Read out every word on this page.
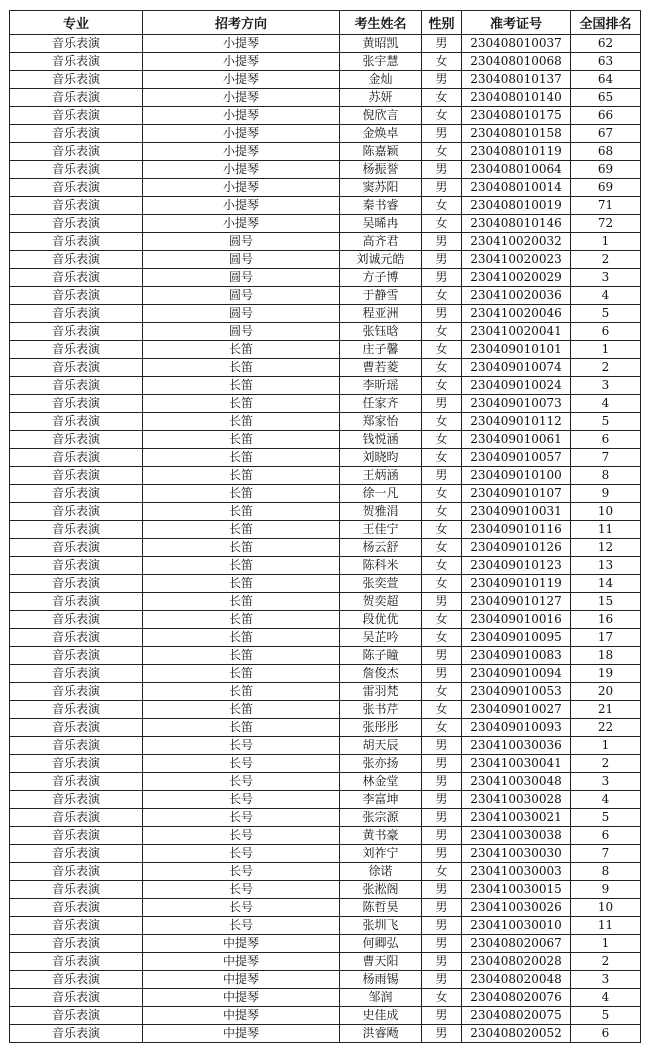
专业	招考方向	考生姓名	性别	准考证号	全国排名
音乐表演	小提琴	黄昭凯	男	230408010037	62
音乐表演	小提琴	张宇慧	女	230408010068	63
音乐表演	小提琴	金灿	男	230408010137	64
音乐表演	小提琴	苏妍	女	230408010140	65
音乐表演	小提琴	倪欣言	女	230408010175	66
音乐表演	小提琴	金焕卓	男	230408010158	67
音乐表演	小提琴	陈嘉颖	女	230408010119	68
音乐表演	小提琴	杨振誉	男	230408010064	69
音乐表演	小提琴	窦苏阳	男	230408010014	69
音乐表演	小提琴	秦书睿	女	230408010019	71
音乐表演	小提琴	吴晞冉	女	230408010146	72
音乐表演	圆号	高齐君	男	230410020032	1
音乐表演	圆号	刘诚元皓	男	230410020023	2
音乐表演	圆号	方子博	男	230410020029	3
音乐表演	圆号	于静雪	女	230410020036	4
音乐表演	圆号	程亚洲	男	230410020046	5
音乐表演	圆号	张钰晗	女	230410020041	6
音乐表演	长笛	庄子馨	女	230409010101	1
音乐表演	长笛	曹若菱	女	230409010074	2
音乐表演	长笛	李昕瑶	女	230409010024	3
音乐表演	长笛	任家齐	男	230409010073	4
音乐表演	长笛	郑家怡	女	230409010112	5
音乐表演	长笛	钱悦涵	女	230409010061	6
音乐表演	长笛	刘晓昀	女	230409010057	7
音乐表演	长笛	王炳涵	男	230409010100	8
音乐表演	长笛	徐一凡	女	230409010107	9
音乐表演	长笛	贺雅涓	女	230409010031	10
音乐表演	长笛	王佳宁	女	230409010116	11
音乐表演	长笛	杨云舒	女	230409010126	12
音乐表演	长笛	陈科米	女	230409010123	13
音乐表演	长笛	张奕萱	女	230409010119	14
音乐表演	长笛	贺奕超	男	230409010127	15
音乐表演	长笛	段优优	女	230409010016	16
音乐表演	长笛	吴芷吟	女	230409010095	17
音乐表演	长笛	陈子瞳	男	230409010083	18
音乐表演	长笛	詹俊杰	男	230409010094	19
音乐表演	长笛	雷羽梵	女	230409010053	20
音乐表演	长笛	张书芹	女	230409010027	21
音乐表演	长笛	张彤彤	女	230409010093	22
音乐表演	长号	胡天辰	男	230410030036	1
音乐表演	长号	张亦扬	男	230410030041	2
音乐表演	长号	林金堂	男	230410030048	3
音乐表演	长号	李富坤	男	230410030028	4
音乐表演	长号	张宗源	男	230410030021	5
音乐表演	长号	黄书豪	男	230410030038	6
音乐表演	长号	刘祚宁	男	230410030030	7
音乐表演	长号	徐诺	女	230410030003	8
音乐表演	长号	张淞阁	男	230410030015	9
音乐表演	长号	陈哲昊	男	230410030026	10
音乐表演	长号	张圳飞	男	230410030010	11
音乐表演	中提琴	何卿弘	男	230408020067	1
音乐表演	中提琴	曹天阳	男	230408020028	2
音乐表演	中提琴	杨雨锡	男	230408020048	3
音乐表演	中提琴	邹润	女	230408020076	4
音乐表演	中提琴	史佳成	男	230408020075	5
音乐表演	中提琴	洪睿飏	男	230408020052	6
